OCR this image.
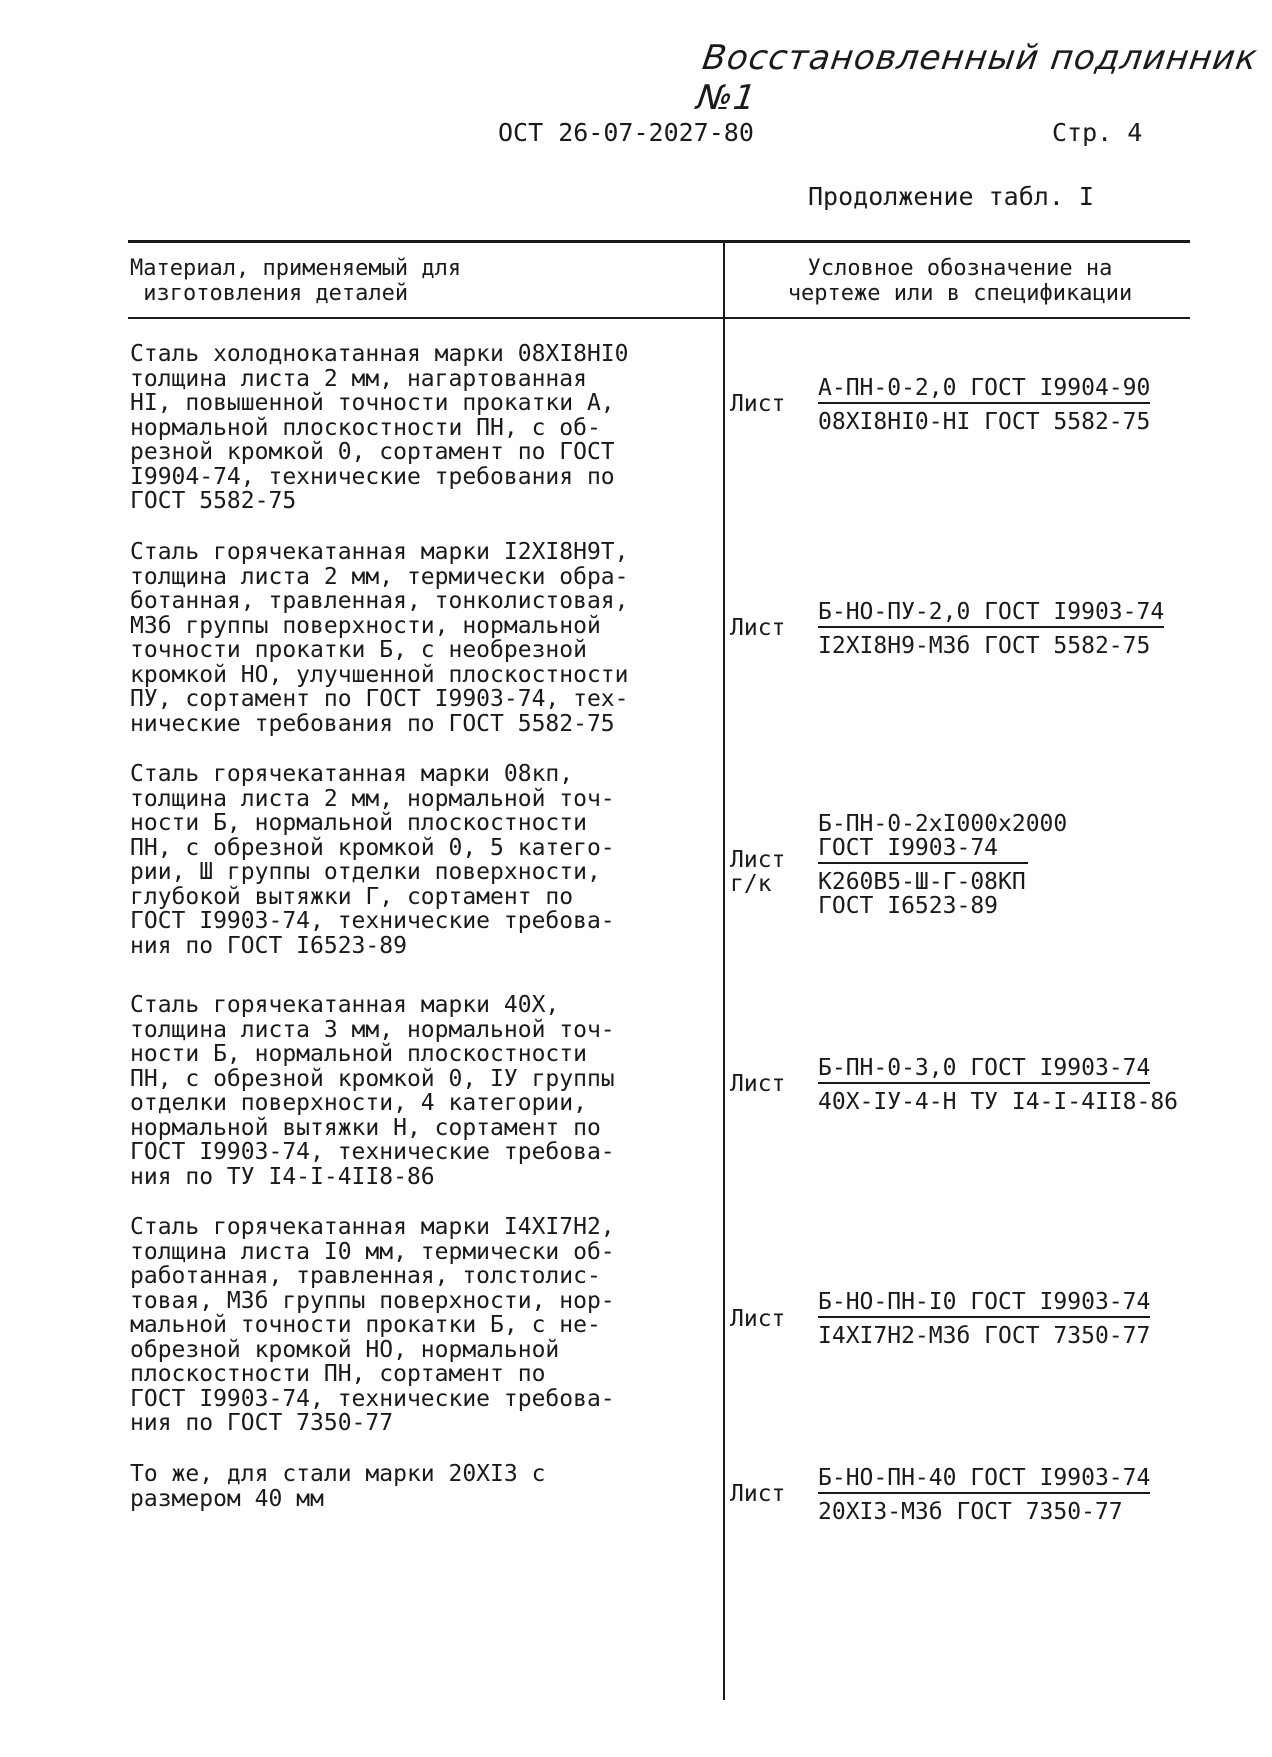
Восстановленный подлинник №1
ОСТ 26-07-2027-80	Стр. 4
Продолжение табл. I
Материал, применяемый для
изготовления деталей
Условное обозначение на
чертеже или в спецификации
Сталь холоднокатанная марки 08XI8HI0
толщина листа 2 мм, нагартованная
HI, повышенной точности прокатки А,
нормальной плоскостности ПН, с об-
резной кромкой 0, сортамент по ГОСТ
I9904-74, технические требования по
ГОСТ 5582-75
Лист
А-ПН-0-2,0 ГОСТ I9904-90
08XI8HI0-HI ГОСТ 5582-75
Сталь горячекатанная марки I2XI8H9T,
толщина листа 2 мм, термически обра-
ботанная, травленная, тонколистовая,
М3б группы поверхности, нормальной
точности прокатки Б, с необрезной
кромкой НО, улучшенной плоскостности
ПУ, сортамент по ГОСТ I9903-74, тех-
нические требования по ГОСТ 5582-75
Лист
Б-НО-ПУ-2,0 ГОСТ I9903-74
I2XI8H9-М3б ГОСТ 5582-75
Сталь горячекатанная марки 08кп,
толщина листа 2 мм, нормальной точ-
ности Б, нормальной плоскостности
ПН, с обрезной кромкой 0, 5 катего-
рии, Ш группы отделки поверхности,
глубокой вытяжки Г, сортамент по
ГОСТ I9903-74, технические требова-
ния по ГОСТ I6523-89
Лист
г/к
Б-ПН-0-2xI000x2000
ГОСТ I9903-74
К260В5-Ш-Г-08КП
ГОСТ I6523-89
Сталь горячекатанная марки 40X,
толщина листа 3 мм, нормальной точ-
ности Б, нормальной плоскостности
ПН, с обрезной кромкой 0, IУ группы
отделки поверхности, 4 категории,
нормальной вытяжки Н, сортамент по
ГОСТ I9903-74, технические требова-
ния по ТУ I4-I-4II8-86
Лист
Б-ПН-0-3,0 ГОСТ I9903-74
40X-IУ-4-Н ТУ I4-I-4II8-86
Сталь горячекатанная марки I4XI7H2,
толщина листа I0 мм, термически об-
работанная, травленная, толстолис-
товая, М3б группы поверхности, нор-
мальной точности прокатки Б, с не-
обрезной кромкой НО, нормальной
плоскостности ПН, сортамент по
ГОСТ I9903-74, технические требова-
ния по ГОСТ 7350-77
Лист
Б-НО-ПН-I0 ГОСТ I9903-74
I4XI7H2-М3б ГОСТ 7350-77
То же, для стали марки 20XI3 с
размером 40 мм	Лист
Б-НО-ПН-40 ГОСТ I9903-74
20XI3-М3б ГОСТ 7350-77
